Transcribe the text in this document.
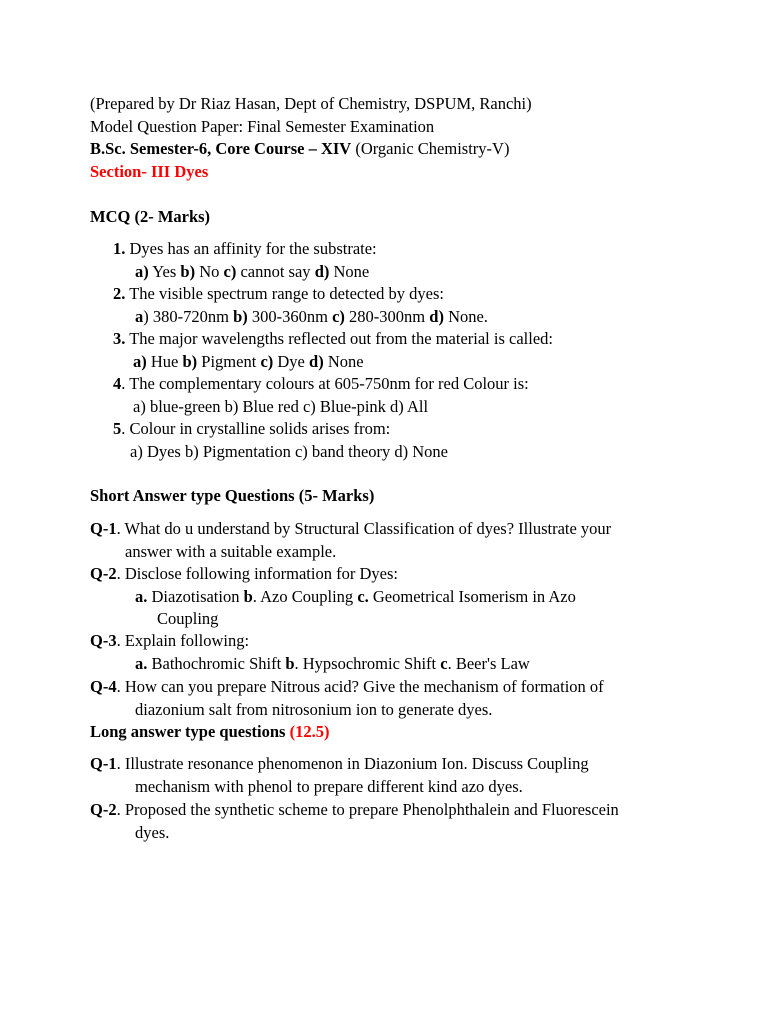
(Prepared by Dr Riaz Hasan, Dept of Chemistry, DSPUM, Ranchi)
Model Question Paper: Final Semester Examination
B.Sc. Semester-6, Core Course – XIV (Organic Chemistry-V)
Section- III Dyes
MCQ (2- Marks)
1. Dyes has an affinity for the substrate:
a) Yes b) No c) cannot say d) None
2. The visible spectrum range to detected by dyes:
a) 380-720nm b) 300-360nm c) 280-300nm d) None.
3. The major wavelengths reflected out from the material is called:
a) Hue b) Pigment c) Dye d) None
4. The complementary colours at 605-750nm for red Colour is:
a) blue-green b) Blue red c) Blue-pink d) All
5. Colour in crystalline solids arises from:
a) Dyes b) Pigmentation c) band theory d) None
Short Answer type Questions (5- Marks)
Q-1. What do u understand by Structural Classification of dyes? Illustrate your
answer with a suitable example.
Q-2. Disclose following information for Dyes:
a. Diazotisation b. Azo Coupling c. Geometrical Isomerism in Azo
Coupling
Q-3. Explain following:
a. Bathochromic Shift b. Hypsochromic Shift c. Beer's Law
Q-4. How can you prepare Nitrous acid? Give the mechanism of formation of
diazonium salt from nitrosonium ion to generate dyes.
Long answer type questions (12.5)
Q-1. Illustrate resonance phenomenon in Diazonium Ion. Discuss Coupling
mechanism with phenol to prepare different kind azo dyes.
Q-2. Proposed the synthetic scheme to prepare Phenolphthalein and Fluorescein
dyes.
